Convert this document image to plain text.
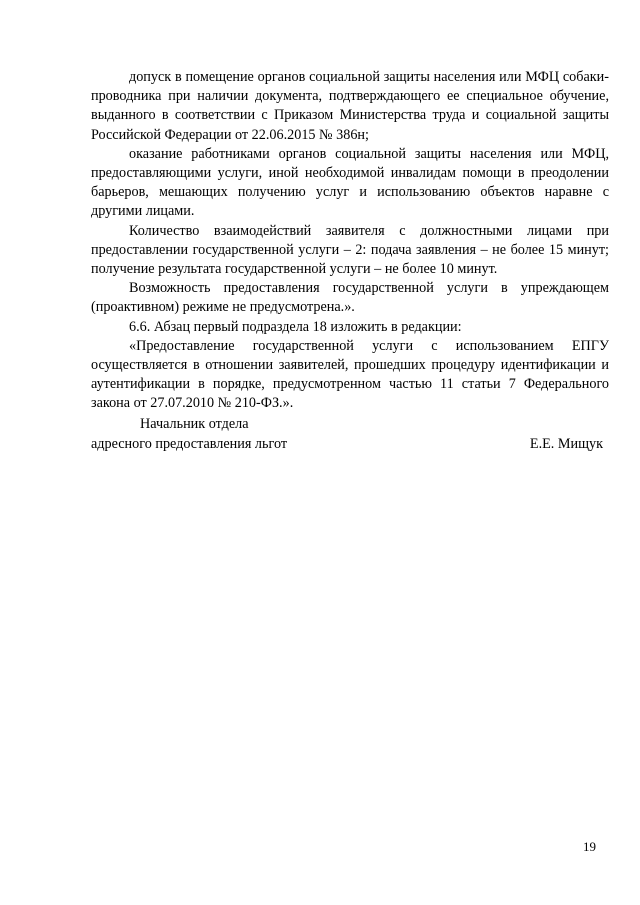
допуск в помещение органов социальной защиты населения или МФЦ собаки-проводника при наличии документа, подтверждающего ее специальное обучение, выданного в соответствии с Приказом Министерства труда и социальной защиты Российской Федерации от 22.06.2015 № 386н;

оказание работниками органов социальной защиты населения или МФЦ, предоставляющими услуги, иной необходимой инвалидам помощи в преодолении барьеров, мешающих получению услуг и использованию объектов наравне с другими лицами.

Количество взаимодействий заявителя с должностными лицами при предоставлении государственной услуги – 2: подача заявления – не более 15 минут; получение результата государственной услуги – не более 10 минут.

Возможность предоставления государственной услуги в упреждающем (проактивном) режиме не предусмотрена.».

6.6. Абзац первый подраздела 18 изложить в редакции:

«Предоставление государственной услуги с использованием ЕПГУ осуществляется в отношении заявителей, прошедших процедуру идентификации и аутентификации в порядке, предусмотренном частью 11 статьи 7 Федерального закона от 27.07.2010 № 210-ФЗ.».

Начальник отдела
адресного предоставления льгот	Е.Е. Мищук
19
